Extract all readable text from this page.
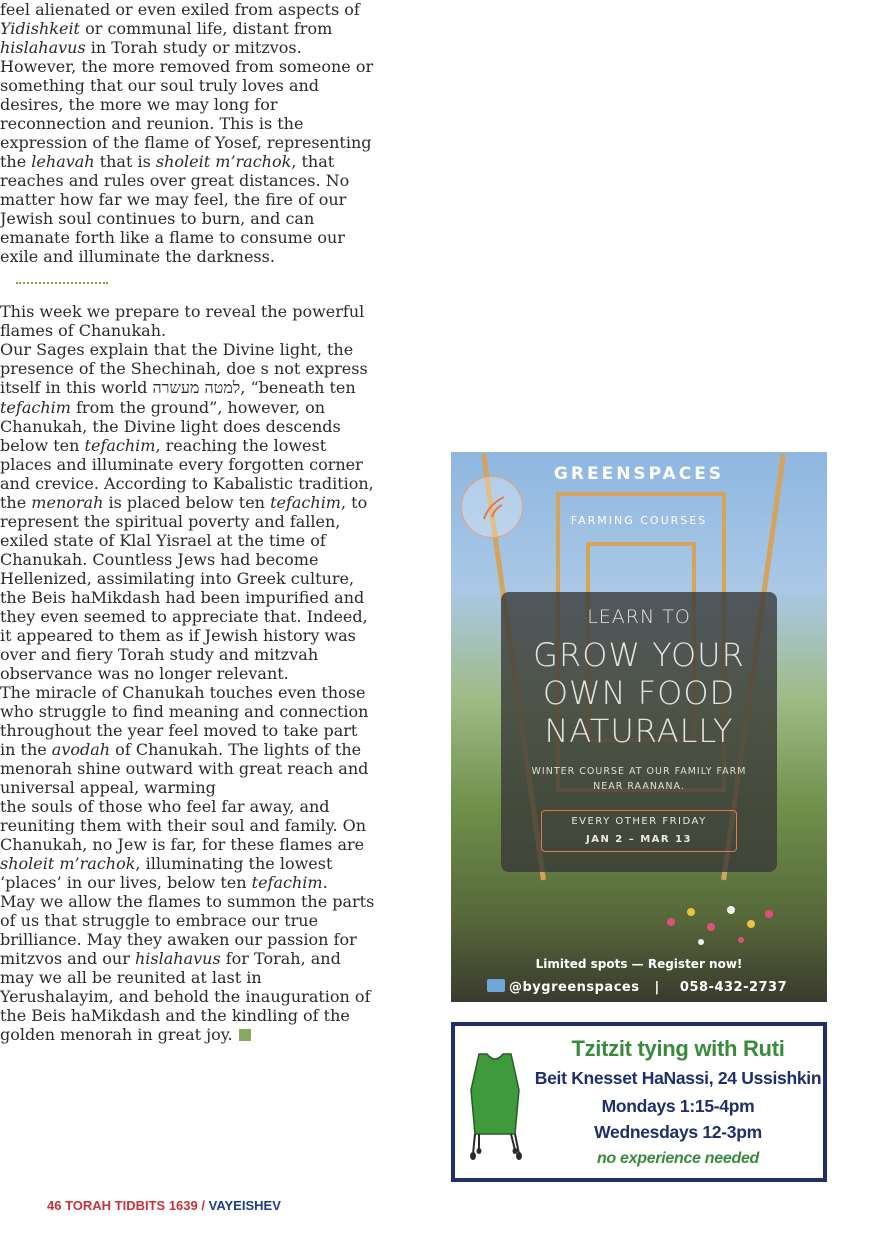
feel alienated or even exiled from aspects of Yidishkeit or communal life, distant from hislahavus in Torah study or mitzvos. However, the more removed from someone or something that our soul truly loves and desires, the more we may long for reconnection and reunion. This is the expression of the flame of Yosef, representing the lehavah that is sholeit m’rachok, that reaches and rules over great distances. No matter how far we may feel, the fire of our Jewish soul continues to burn, and can emanate forth like a flame to consume our exile and illuminate the darkness.

This week we prepare to reveal the powerful flames of Chanukah.

Our Sages explain that the Divine light, the presence of the Shechinah, doe s not express itself in this world למטה מעשרה, “beneath ten tefachim from the ground”, however, on Chanukah, the Divine light does descends below ten tefachim, reaching the lowest places and illuminate every forgotten corner and crevice. According to Kabalistic tradition, the menorah is placed below ten tefachim, to represent the spiritual poverty and fallen, exiled state of Klal Yisrael at the time of Chanukah. Countless Jews had become Hellenized, assimilating into Greek culture, the Beis haMikdash had been impurified and they even seemed to appreciate that. Indeed, it appeared to them as if Jewish history was over and fiery Torah study and mitzvah observance was no longer relevant.

The miracle of Chanukah touches even those who struggle to find meaning and connection throughout the year feel moved to take part in the avodah of Chanukah. The lights of the menorah shine outward with great reach and universal appeal, warming

the souls of those who feel far away, and reuniting them with their soul and family. On Chanukah, no Jew is far, for these flames are sholeit m’rachok, illuminating the lowest ‘places’ in our lives, below ten tefachim.

May we allow the flames to summon the parts of us that struggle to embrace our true brilliance. May they awaken our passion for mitzvos and our hislahavus for Torah, and may we all be reunited at last in Yerushalayim, and behold the inauguration of the Beis haMikdash and the kindling of the golden menorah in great joy.

GREENSPACES
FARMING COURSES
LEARN TO
GROW YOUR
OWN FOOD
NATURALLY
WINTER COURSE AT OUR FAMILY FARM
NEAR RAANANA.
EVERY OTHER FRIDAY
JAN 2 – MAR 13
Limited spots — Register now!
@bygreenspaces | 058-432-2737
Tzitzit tying with Ruti
Beit Knesset HaNassi, 24 Ussishkin
Mondays 1:15-4pm
Wednesdays 12-3pm
no experience needed
46 TORAH TIDBITS 1639 / VAYEISHEV
